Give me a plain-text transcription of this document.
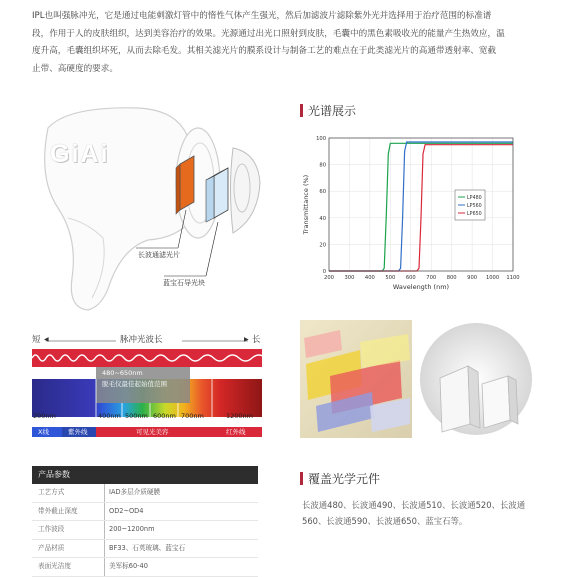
IPL也叫强脉冲光，它是通过电能刺激灯管中的惰性气体产生强光，然后加滤波片滤除紫外光并选择用于治疗范围的标准谱
段，作用于人的皮肤组织，达到美容治疗的效果。光源通过出光口照射到皮肤，毛囊中的黑色素吸收光的能量产生热效应，温
度升高，毛囊组织坏死，从而去除毛发。其相关滤光片的膜系设计与制备工艺的难点在于此类滤光片的高通带透射率、宽截
止带、高硬度的要求。
GiAi
长波通滤光片
蓝宝石导光块
光谱展示
200 300 400 500 600 700 800 900 1000 1100
0
20
40
60
80
100
Wavelength (nm)
Transmittance (%)	LP480
LP560
LP650
短	脉冲光波长	长
◀	▶
480~650nm
脱毛仪最佳起始值范围
200nm	400nm 500nm 600nm 700nm	1200nm
X线	紫外线	可见光美容	红外线
产品参数
工艺方式	IAD多层介质硬膜
带外截止深度	OD2~OD4
工作波段	200~1200nm
产品材质	BF33、石英玻璃、蓝宝石
表面光洁度	美军标60-40
覆盖光学元件
长波通480、长波通490、长波通510、长波通520、长波通
560、长波通590、长波通650、蓝宝石等。
